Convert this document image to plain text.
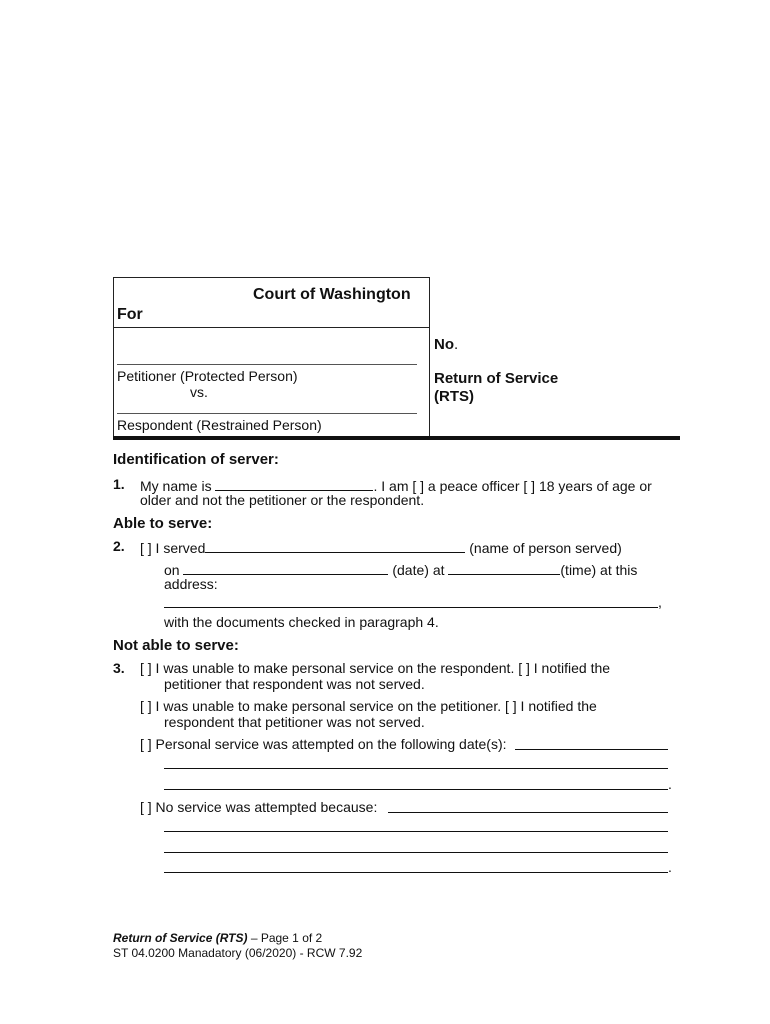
Court of Washington
For
Petitioner (Protected Person)
vs.
Respondent (Restrained Person)
No.
Return of Service
(RTS)
Identification of server:
1. My name is	. I am [ ] a peace officer [ ] 18 years of age or
older and not the petitioner or the respondent.
Able to serve:
2. [ ] I served	(name of person served)
on	(date) at	(time) at this
address:
,
with the documents checked in paragraph 4.
Not able to serve:
3. [ ] I was unable to make personal service on the respondent. [ ] I notified the
petitioner that respondent was not served.
[ ] I was unable to make personal service on the petitioner. [ ] I notified the
respondent that petitioner was not served.
[ ] Personal service was attempted on the following date(s):
.
[ ] No service was attempted because:
.
Return of Service (RTS) – Page 1 of 2
ST 04.0200 Manadatory (06/2020) - RCW 7.92
